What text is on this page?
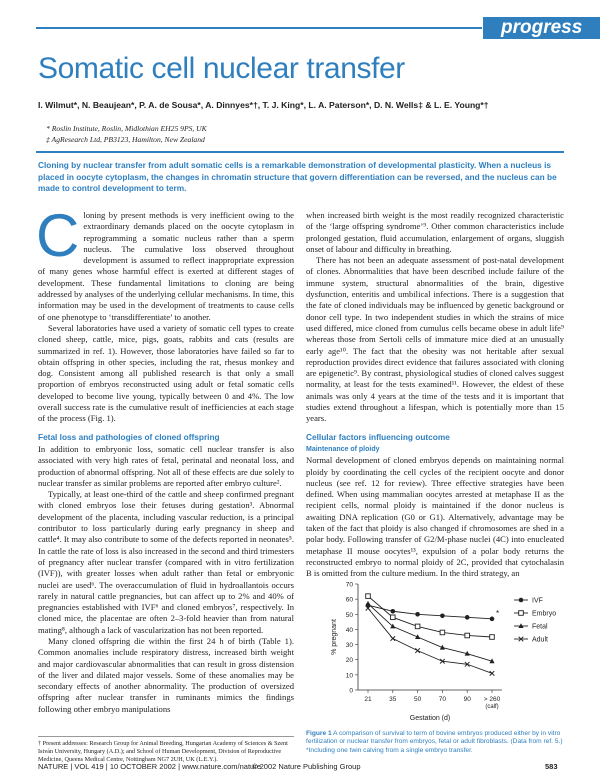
progress
Somatic cell nuclear transfer
I. Wilmut*, N. Beaujean*, P. A. de Sousa*, A. Dinnyes*†, T. J. King*, L. A. Paterson*, D. N. Wells‡ & L. E. Young*†
* Roslin Institute, Roslin, Midlothian EH25 9PS, UK
‡ AgResearch Ltd, PB3123, Hamilton, New Zealand
Cloning by nuclear transfer from adult somatic cells is a remarkable demonstration of developmental plasticity. When a nucleus is placed in oocyte cytoplasm, the changes in chromatin structure that govern differentiation can be reversed, and the nucleus can be made to control development to term.

Cloning by present methods is very inefficient owing to the extraordinary demands placed on the oocyte cytoplasm in reprogramming a somatic nucleus rather than a sperm nucleus. The cumulative loss observed throughout development is assumed to reflect inappropriate expression of many genes whose harmful effect is exerted at different stages of development. These fundamental limitations to cloning are being addressed by analyses of the underlying cellular mechanisms. In time, this information may be used in the development of treatments to cause cells of one phenotype to ‘transdifferentiate’ to another.

Several laboratories have used a variety of somatic cell types to create cloned sheep, cattle, mice, pigs, goats, rabbits and cats (results are summarized in ref. 1). However, those laboratories have failed so far to obtain offspring in other species, including the rat, rhesus monkey and dog. Consistent among all published research is that only a small proportion of embryos reconstructed using adult or fetal somatic cells developed to become live young, typically between 0 and 4%. The low overall success rate is the cumulative result of inefficiencies at each stage of the process (Fig. 1).

Fetal loss and pathologies of cloned offspring

In addition to embryonic loss, somatic cell nuclear transfer is also associated with very high rates of fetal, perinatal and neonatal loss, and production of abnormal offspring. Not all of these effects are due solely to nuclear transfer as similar problems are reported after embryo culture².

Typically, at least one-third of the cattle and sheep confirmed pregnant with cloned embryos lose their fetuses during gestation³. Abnormal development of the placenta, including vascular reduction, is a principal contributor to loss particularly during early pregnancy in sheep and cattle⁴. It may also contribute to some of the defects reported in neonates⁵. In cattle the rate of loss is also increased in the second and third trimesters of pregnancy after nuclear transfer (compared with in vitro fertilization (IVF)), with greater losses when adult rather than fetal or embryonic nuclei are used⁶. The overaccumulation of fluid in hydroallantois occurs rarely in natural cattle pregnancies, but can affect up to 2% and 40% of pregnancies established with IVF⁶ and cloned embryos⁷, respectively. In cloned mice, the placentae are often 2–3-fold heavier than from natural mating⁸, although a lack of vascularization has not been reported.

Many cloned offspring die within the first 24 h of birth (Table 1). Common anomalies include respiratory distress, increased birth weight and major cardiovascular abnormalities that can result in gross distension of the liver and dilated major vessels. Some of these anomalies may be secondary effects of another abnormality. The production of oversized offspring after nuclear transfer in ruminants mimics the findings following other embryo manipulations

† Present addresses: Research Group for Animal Breeding, Hungarian Academy of Sciences & Szent István University, Hungary (A.D.); and School of Human Development, Division of Reproductive Medicine, Queens Medical Centre, Nottingham NG7 2UH, UK (L.E.Y.).

when increased birth weight is the most readily recognized characteristic of the ‘large offspring syndrome’⁹. Other common characteristics include prolonged gestation, fluid accumulation, enlargement of organs, sluggish onset of labour and difficulty in breathing.

There has not been an adequate assessment of post-natal development of clones. Abnormalities that have been described include failure of the immune system, structural abnormalities of the brain, digestive dysfunction, enteritis and umbilical infections. There is a suggestion that the fate of cloned individuals may be influenced by genetic background or donor cell type. In two independent studies in which the strains of mice used differed, mice cloned from cumulus cells became obese in adult life⁹ whereas those from Sertoli cells of immature mice died at an unusually early age¹⁰. The fact that the obesity was not heritable after sexual reproduction provides direct evidence that failures associated with cloning are epigenetic⁹. By contrast, physiological studies of cloned calves suggest normality, at least for the tests examined¹¹. However, the eldest of these animals was only 4 years at the time of the tests and it is important that studies extend throughout a lifespan, which is potentially more than 15 years.

Cellular factors influencing outcome
Maintenance of ploidy

Normal development of cloned embryos depends on maintaining normal ploidy by coordinating the cell cycles of the recipient oocyte and donor nucleus (see ref. 12 for review). Three effective strategies have been defined. When using mammalian oocytes arrested at metaphase II as the recipient cells, normal ploidy is maintained if the donor nucleus is awaiting DNA replication (G0 or G1). Alternatively, advantage may be taken of the fact that ploidy is also changed if chromosomes are shed in a polar body. Following transfer of G2/M-phase nuclei (4C) into enucleated metaphase II mouse oocytes¹³, expulsion of a polar body returns the reconstructed embryo to normal ploidy of 2C, provided that cytochalasin B is omitted from the culture medium. In the third strategy, an

0
10
20
30
40
50
60
70
21	35	50	70	90 > 260
(calf)
Gestation (d)
% pregnant
IVF
Embryo
Fetal
Adult
*
Figure 1 A comparison of survival to term of bovine embryos produced either by in vitro fertilization or nuclear transfer from embryos, fetal or adult fibroblasts. (Data from ref. 5.) *Including one twin calving from a single embryo transfer.
NATURE | VOL 419 | 10 OCTOBER 2002 | www.nature.com/nature
© 2002 Nature Publishing Group	583
